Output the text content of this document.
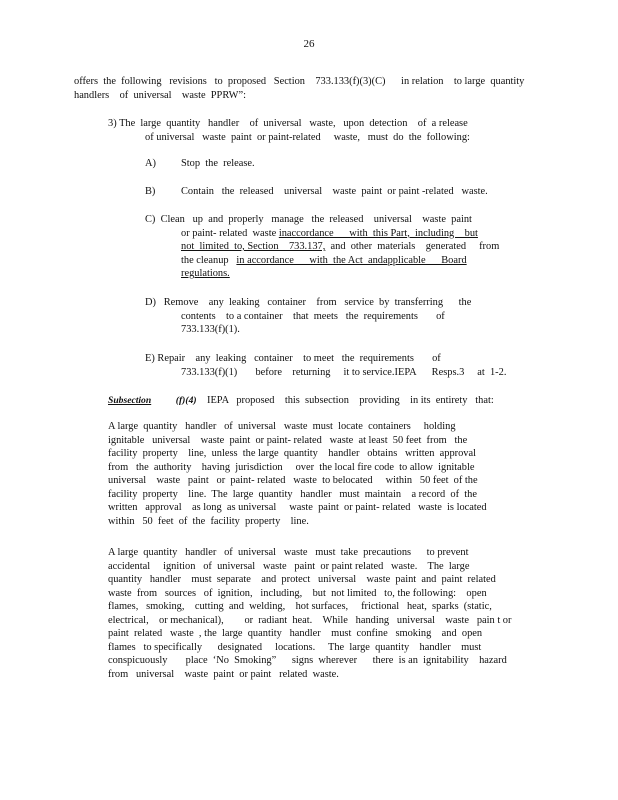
26
offers  the  following   revisions   to  proposed   Section    733.133(f)(3)(C)      in relation    to large  quantity
handlers    of  universal    waste  PPRW”:
3) The  large  quantity   handler    of  universal   waste,   upon  detection    of  a release
of universal   waste  paint  or paint-related     waste,   must  do  the  following:
A) Stop  the  release.
B) Contain   the  released    universal    waste  paint  or paint -related   waste.
C)  Clean   up  and  properly   manage   the  released    universal    waste  paint
or paint- related  waste inaccordance      with  this Part,  including    but
not  limited  to, Section    733.137,  and  other  materials    generated     from
the cleanup   in accordance      with  the Act  andapplicable      Board
regulations.
D)   Remove    any  leaking   container    from   service  by  transferring      the
contents    to a container    that  meets   the  requirements       of
733.133(f)(1).
E) Repair    any  leaking   container    to meet   the  requirements       of
733.133(f)(1)       before    returning     it to service.IEPA      Resps.3     at  1-2.
Subsection	(f)(4)    IEPA   proposed    this  subsection    providing    in its  entirety   that:
A large  quantity   handler   of  universal   waste  must  locate  containers     holding
ignitable   universal    waste  paint  or paint- related   waste  at least  50 feet  from   the
facility  property    line,  unless  the large  quantity    handler   obtains   written  approval
from   the  authority    having  jurisdiction     over  the local fire code  to allow  ignitable
universal    waste   paint   or  paint- related   waste  to belocated     within   50 feet  of the
facility  property    line.  The  large  quantity   handler   must  maintain    a record  of  the
written   approval    as long  as universal     waste  paint  or paint- related   waste  is located
within   50  feet  of  the  facility  property    line.
A large  quantity   handler   of  universal   waste   must  take  precautions      to prevent
accidental     ignition   of  universal   waste   paint  or paint related   waste.    The  large
quantity   handler    must  separate    and  protect   universal    waste  paint  and  paint  related
waste  from   sources   of  ignition,   including,    but  not limited   to, the following:    open
flames,   smoking,    cutting  and  welding,    hot surfaces,     frictional   heat,  sparks  (static,
electrical,    or mechanical),        or  radiant  heat.    While   handing   universal    waste   pain t or
paint  related   waste  , the  large  quantity   handler    must  confine   smoking    and  open
flames   to specifically      designated     locations.     The  large  quantity    handler    must
conspicuously       place  ‘No  Smoking”      signs  wherever      there  is an  ignitability    hazard
from   universal    waste  paint  or paint   related  waste.
